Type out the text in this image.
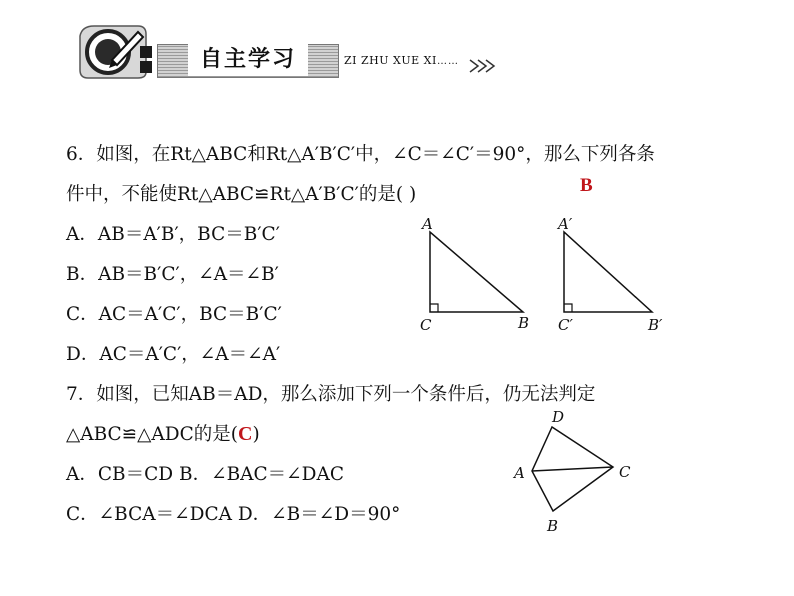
自主学习	ZI ZHU XUE XI ……
6．如图，在Rt△ABC和Rt△A′B′C′中，∠C＝∠C′＝90°，那么下列各条
件中，不能使Rt△ABC≌Rt△A′B′C′的是( )	B
A．AB＝A′B′，BC＝B′C′
B．AB＝B′C′，∠A＝∠B′
C．AC＝A′C′，BC＝B′C′
D．AC＝A′C′，∠A＝∠A′
A
C	B
A′
C′	B′
7．如图，已知AB＝AD，那么添加下列一个条件后，仍无法判定
△ABC≌△ADC的是(C)
A．CB＝CD B．∠BAC＝∠DAC
C．∠BCA＝∠DCA D．∠B＝∠D＝90°
D
A	C
B
